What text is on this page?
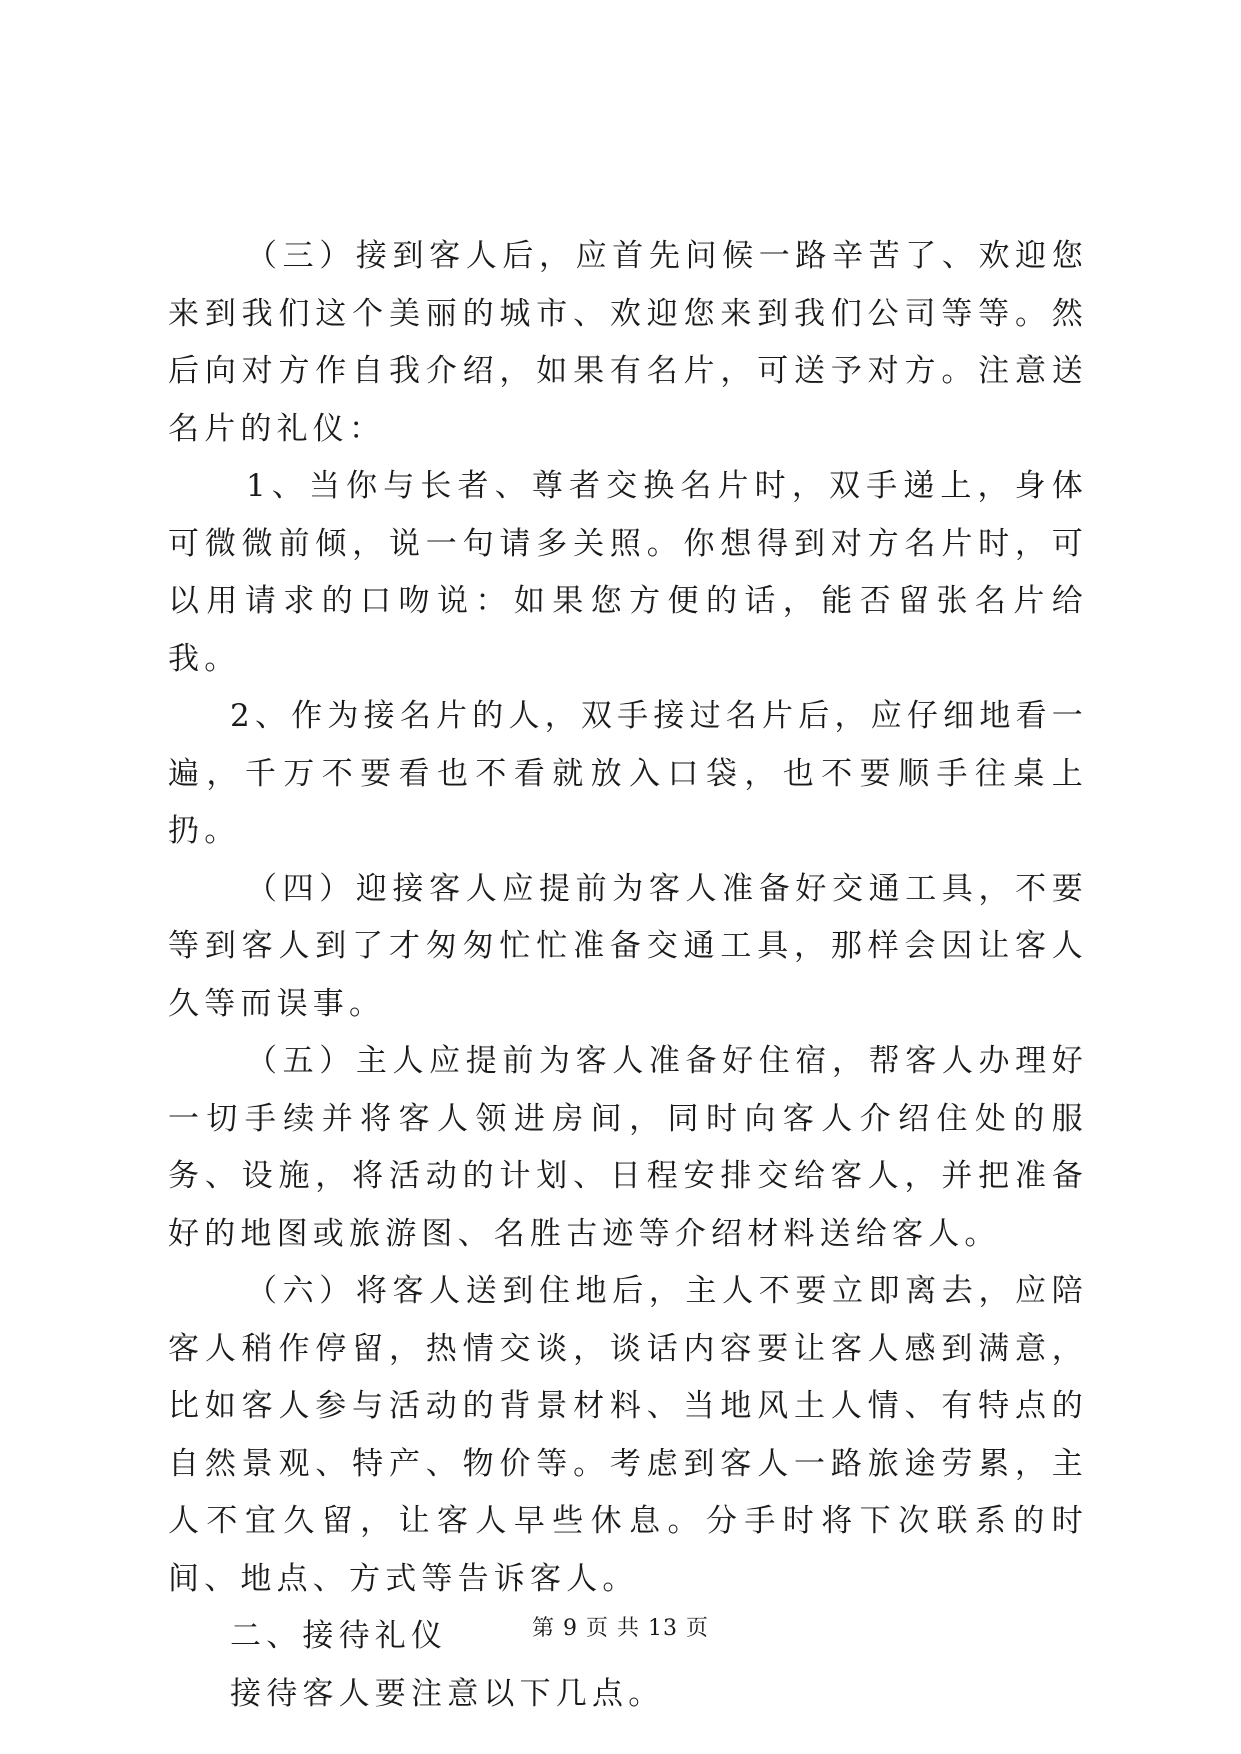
（三）接到客人后，应首先问候一路辛苦了、欢迎您来到我们这个美丽的城市、欢迎您来到我们公司等等。然后向对方作自我介绍，如果有名片，可送予对方。注意送名片的礼仪：

1、当你与长者、尊者交换名片时，双手递上，身体可微微前倾，说一句请多关照。你想得到对方名片时，可以用请求的口吻说：如果您方便的话，能否留张名片给我。

2、作为接名片的人，双手接过名片后，应仔细地看一遍，千万不要看也不看就放入口袋，也不要顺手往桌上扔。

（四）迎接客人应提前为客人准备好交通工具，不要等到客人到了才匆匆忙忙准备交通工具，那样会因让客人久等而误事。

（五）主人应提前为客人准备好住宿，帮客人办理好一切手续并将客人领进房间，同时向客人介绍住处的服务、设施，将活动的计划、日程安排交给客人，并把准备好的地图或旅游图、名胜古迹等介绍材料送给客人。

（六）将客人送到住地后，主人不要立即离去，应陪客人稍作停留，热情交谈，谈话内容要让客人感到满意，比如客人参与活动的背景材料、当地风土人情、有特点的自然景观、特产、物价等。考虑到客人一路旅途劳累，主人不宜久留，让客人早些休息。分手时将下次联系的时间、地点、方式等告诉客人。

二、接待礼仪

接待客人要注意以下几点。

第 9 页 共 13 页
